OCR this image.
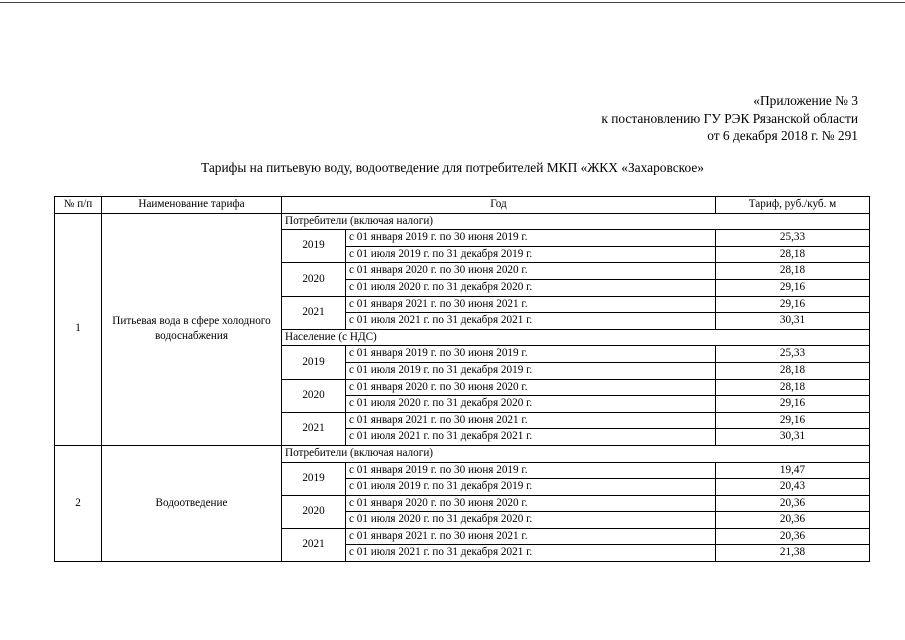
«Приложение № 3
к постановлению ГУ РЭК Рязанской области
от 6 декабря 2018 г. № 291
Тарифы на питьевую воду, водоотведение для потребителей МКП «ЖКХ «Захаровское»
№ п/п	Наименование тарифа	Год		Тариф, руб./куб. м
1	Питьевая вода в сфере холодного водоснабжения	Потребители (включая налоги)		
		2019	с 01 января 2019 г. по 30 июня 2019 г.	25,33
			с 01 июля 2019 г. по 31 декабря 2019 г.	28,18
		2020	с 01 января 2020 г. по 30 июня 2020 г.	28,18
			с 01 июля 2020 г. по 31 декабря 2020 г.	29,16
		2021	с 01 января 2021 г. по 30 июня 2021 г.	29,16
			с 01 июля 2021 г. по 31 декабря 2021 г.	30,31
		Население (с НДС)		
		2019	с 01 января 2019 г. по 30 июня 2019 г.	25,33
			с 01 июля 2019 г. по 31 декабря 2019 г.	28,18
		2020	с 01 января 2020 г. по 30 июня 2020 г.	28,18
			с 01 июля 2020 г. по 31 декабря 2020 г.	29,16
		2021	с 01 января 2021 г. по 30 июня 2021 г.	29,16
			с 01 июля 2021 г. по 31 декабря 2021 г.	30,31
2	Водоотведение	Потребители (включая налоги)		
		2019	с 01 января 2019 г. по 30 июня 2019 г.	19,47
			с 01 июля 2019 г. по 31 декабря 2019 г.	20,43
		2020	с 01 января 2020 г. по 30 июня 2020 г.	20,36
			с 01 июля 2020 г. по 31 декабря 2020 г.	20,36
		2021	с 01 января 2021 г. по 30 июня 2021 г.	20,36
			с 01 июля 2021 г. по 31 декабря 2021 г.	21,38
